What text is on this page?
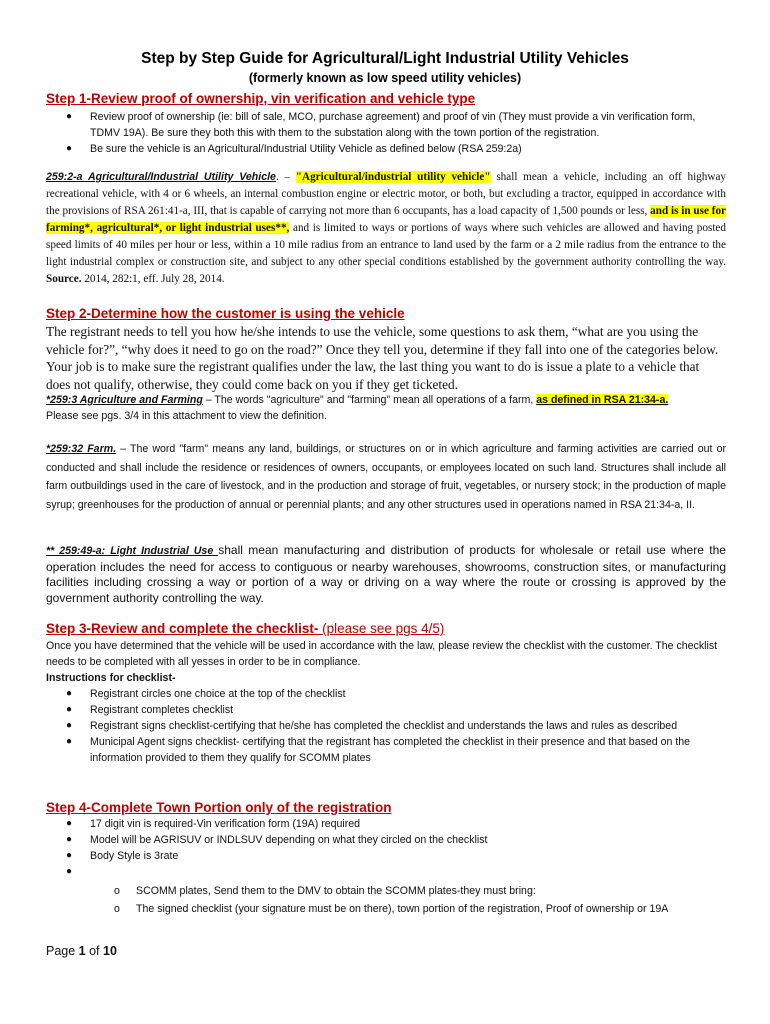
Step by Step Guide for Agricultural/Light Industrial Utility Vehicles
(formerly known as low speed utility vehicles)
Step 1-Review proof of ownership, vin verification and vehicle type
● Review proof of ownership (ie: bill of sale, MCO, purchase agreement) and proof of vin (They must provide a vin verification form, TDMV 19A). Be sure they both this with them to the substation along with the town portion of the registration.
● Be sure the vehicle is an Agricultural/Industrial Utility Vehicle as defined below (RSA 259:2a)
259:2-a Agricultural/Industrial Utility Vehicle. – "Agricultural/industrial utility vehicle" shall mean a vehicle, including an off highway recreational vehicle, with 4 or 6 wheels, an internal combustion engine or electric motor, or both, but excluding a tractor, equipped in accordance with the provisions of RSA 261:41-a, III, that is capable of carrying not more than 6 occupants, has a load capacity of 1,500 pounds or less, and is in use for farming*, agricultural*, or light industrial uses**, and is limited to ways or portions of ways where such vehicles are allowed and having posted speed limits of 40 miles per hour or less, within a 10 mile radius from an entrance to land used by the farm or a 2 mile radius from the entrance to the light industrial complex or construction site, and subject to any other special conditions established by the government authority controlling the way. Source. 2014, 282:1, eff. July 28, 2014.
Step 2-Determine how the customer is using the vehicle
The registrant needs to tell you how he/she intends to use the vehicle, some questions to ask them, “what are you using the vehicle for?”, “why does it need to go on the road?” Once they tell you, determine if they fall into one of the categories below. Your job is to make sure the registrant qualifies under the law, the last thing you want to do is issue a plate to a vehicle that does not qualify, otherwise, they could come back on you if they get ticketed.
*259:3 Agriculture and Farming – The words "agriculture" and "farming" mean all operations of a farm, as defined in RSA 21:34-a.
Please see pgs. 3/4 in this attachment to view the definition.
*259:32 Farm. – The word "farm" means any land, buildings, or structures on or in which agriculture and farming activities are carried out or conducted and shall include the residence or residences of owners, occupants, or employees located on such land. Structures shall include all farm outbuildings used in the care of livestock, and in the production and storage of fruit, vegetables, or nursery stock; in the production of maple syrup; greenhouses for the production of annual or perennial plants; and any other structures used in operations named in RSA 21:34-a, II.
** 259:49-a: Light Industrial Use shall mean manufacturing and distribution of products for wholesale or retail use where the operation includes the need for access to contiguous or nearby warehouses, showrooms, construction sites, or manufacturing facilities including crossing a way or portion of a way or driving on a way where the route or crossing is approved by the government authority controlling the way.
Step 3-Review and complete the checklist- (please see pgs 4/5)
Once you have determined that the vehicle will be used in accordance with the law, please review the checklist with the customer. The checklist needs to be completed with all yesses in order to be in compliance.
Instructions for checklist-
● Registrant circles one choice at the top of the checklist
● Registrant completes checklist
● Registrant signs checklist-certifying that he/she has completed the checklist and understands the laws and rules as described
● Municipal Agent signs checklist- certifying that the registrant has completed the checklist in their presence and that based on the information provided to them they qualify for SCOMM plates
Step 4-Complete Town Portion only of the registration
● 17 digit vin is required-Vin verification form (19A) required
● Model will be AGRISUV or INDLSUV depending on what they circled on the checklist
● Body Style is 3rate
●

o SCOMM plates, Send them to the DMV to obtain the SCOMM plates-they must bring:
o The signed checklist (your signature must be on there), town portion of the registration, Proof of ownership or 19A
Page 1 of 10
